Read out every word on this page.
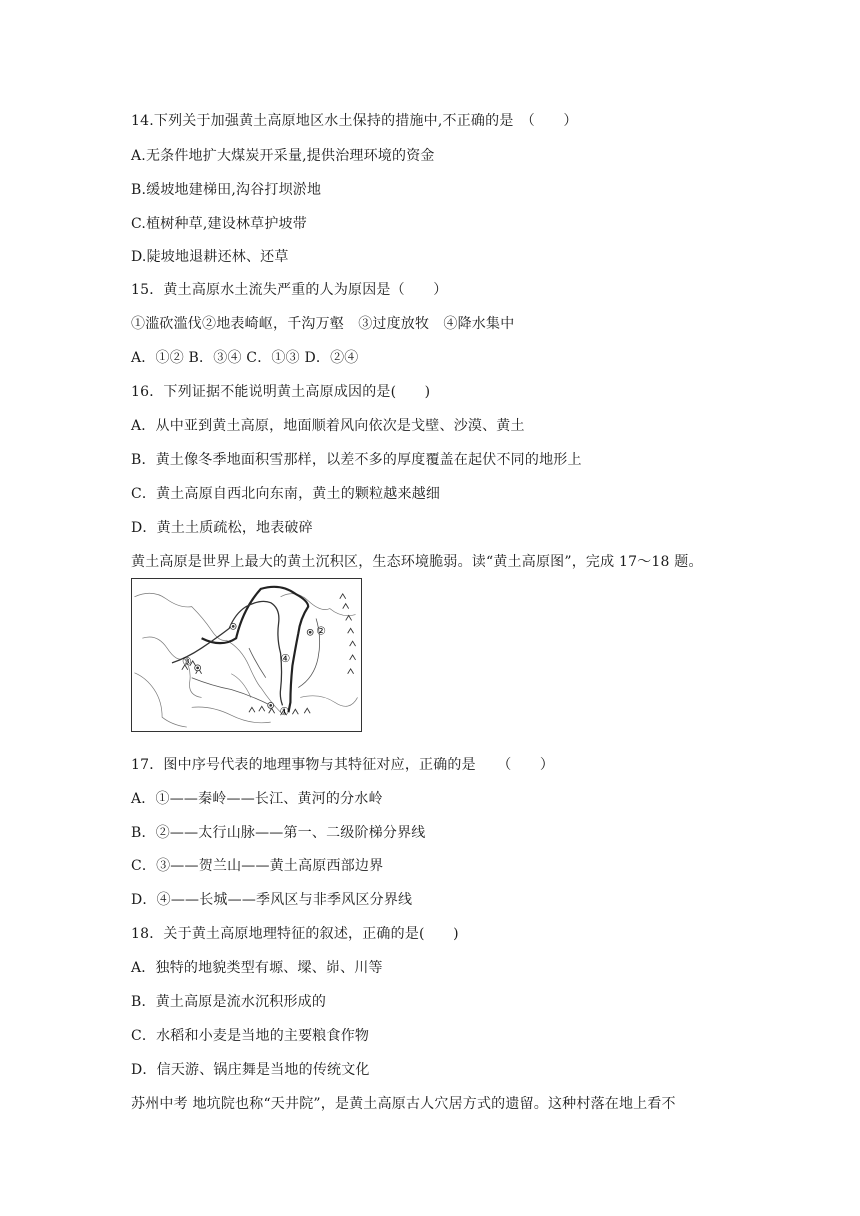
14.下列关于加强黄土高原地区水土保持的措施中,不正确的是　（　　）
A.无条件地扩大煤炭开采量,提供治理环境的资金
B.缓坡地建梯田,沟谷打坝淤地
C.植树种草,建设林草护坡带
D.陡坡地退耕还林、还草
15．黄土高原水土流失严重的人为原因是（　　）
①滥砍滥伐②地表崎岖，千沟万壑　③过度放牧　④降水集中
A．①② B．③④ C．①③ D．②④
16．下列证据不能说明黄土高原成因的是(　　)
A．从中亚到黄土高原，地面顺着风向依次是戈壁、沙漠、黄土
B．黄土像冬季地面积雪那样，以差不多的厚度覆盖在起伏不同的地形上
C．黄土高原自西北向东南，黄土的颗粒越来越细
D．黄土土质疏松，地表破碎
黄土高原是世界上最大的黄土沉积区，生态环境脆弱。读“黄土高原图”，完成 17～18 题。
①
②
③	④
17．图中序号代表的地理事物与其特征对应，正确的是　　（　　）
A．①——秦岭——长江、黄河的分水岭
B．②——太行山脉——第一、二级阶梯分界线
C．③——贺兰山——黄土高原西部边界
D．④——长城——季风区与非季风区分界线
18．关于黄土高原地理特征的叙述，正确的是(　　)
A．独特的地貌类型有塬、墚、峁、川等
B．黄土高原是流水沉积形成的
C．水稻和小麦是当地的主要粮食作物
D．信天游、锅庄舞是当地的传统文化
苏州中考 地坑院也称“天井院”，是黄土高原古人穴居方式的遗留。这种村落在地上看不
